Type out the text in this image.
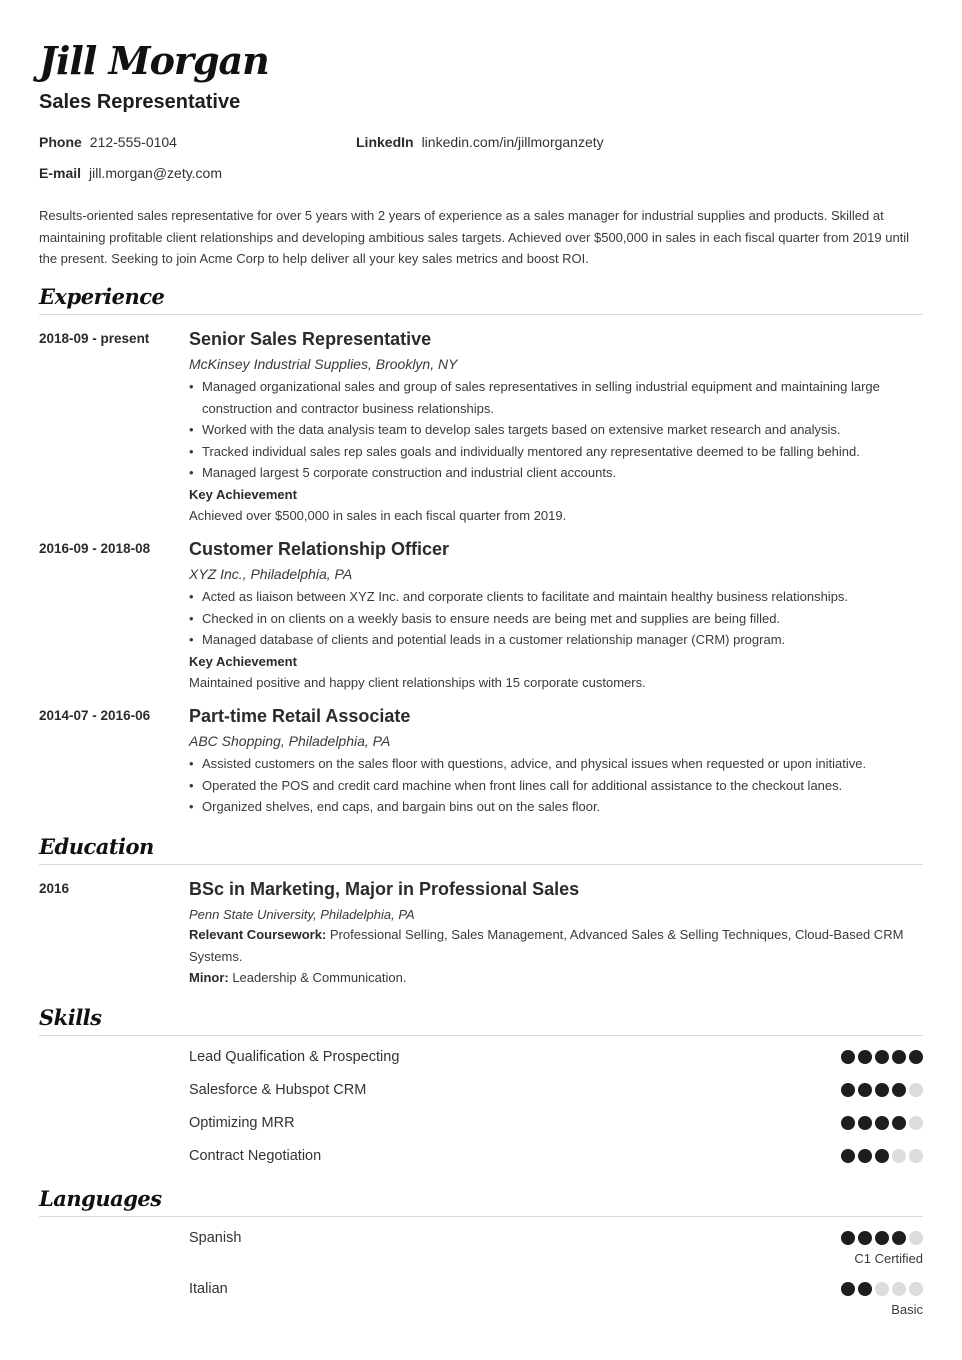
Jill Morgan
Sales Representative
Phone 212-555-0104	LinkedIn linkedin.com/in/jillmorganzety
E-mail jill.morgan@zety.com
Results-oriented sales representative for over 5 years with 2 years of experience as a sales manager for industrial supplies and products. Skilled at maintaining profitable client relationships and developing ambitious sales targets. Achieved over $500,000 in sales in each fiscal quarter from 2019 until the present. Seeking to join Acme Corp to help deliver all your key sales metrics and boost ROI.
Experience
2018-09 - present Senior Sales Representative
McKinsey Industrial Supplies, Brooklyn, NY
• Managed organizational sales and group of sales representatives in selling industrial equipment and maintaining large construction and contractor business relationships.
• Worked with the data analysis team to develop sales targets based on extensive market research and analysis.
• Tracked individual sales rep sales goals and individually mentored any representative deemed to be falling behind.
• Managed largest 5 corporate construction and industrial client accounts.
Key Achievement
Achieved over $500,000 in sales in each fiscal quarter from 2019.
2016-09 - 2018-08 Customer Relationship Officer
XYZ Inc., Philadelphia, PA
• Acted as liaison between XYZ Inc. and corporate clients to facilitate and maintain healthy business relationships.
• Checked in on clients on a weekly basis to ensure needs are being met and supplies are being filled.
• Managed database of clients and potential leads in a customer relationship manager (CRM) program.
Key Achievement
Maintained positive and happy client relationships with 15 corporate customers.
2014-07 - 2016-06 Part-time Retail Associate
ABC Shopping, Philadelphia, PA
• Assisted customers on the sales floor with questions, advice, and physical issues when requested or upon initiative.
• Operated the POS and credit card machine when front lines call for additional assistance to the checkout lanes.
• Organized shelves, end caps, and bargain bins out on the sales floor.
Education
2016	BSc in Marketing, Major in Professional Sales
Penn State University, Philadelphia, PA
Relevant Coursework: Professional Selling, Sales Management, Advanced Sales & Selling Techniques, Cloud-Based CRM Systems.
Minor: Leadership & Communication.
Skills
Lead Qualification & Prospecting
Salesforce & Hubspot CRM
Optimizing MRR
Contract Negotiation
Languages
Spanish
C1 Certified
Italian
Basic
